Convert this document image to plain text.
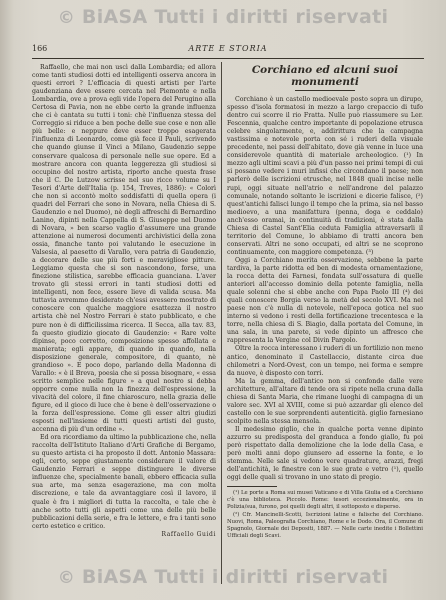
© BiASA Tutti i diritti riservati
166	ARTE E STORIA

Raffaello, che mai non uscì dalla Lombardia; ed allora come tanti studiosi dotti ed intelligenti osserva ancora in questi errori ? L'efficacia di questi artisti per l'arte gaudenziana deve essere cercata nel Piemonte e nella Lombardia, ove a prova egli vide l'opera del Perugino alla Certosa di Pavia, non ne ebbe certo la grande influenza che ci è cantata su tutti i toni: chè l'influenza stessa del Correggio si riduce a ben poche delle sue cose e non alle più belle: e neppure deve esser troppo esagerata l'influenza di Leonardo, come già fece il Pauli, scrivendo che quando giunse il Vinci a Milano, Gaudenzio seppe conservare qualcosa di personale nelle sue opere. Ed a mostrare ancora con quanta leggerezza gli studiosi si occupino del nostro artista, riporto anche questa frase che il C. De Lutzow scrisse nel suo ricco volume su I Tesori d'Arte dell'Italia (p. 154, Treves, 1886): « Colorì che non si accontò molto soddisfatti di quella opera (i quadri del Ferrari che sono in Novara, nella Chiesa di S. Gaudenzio e nel Duomo), nè degli affreschi di Bernardino Lanino, dipinti nella Cappella di S. Giuseppe nel Duomo di Novara, » ben scarso vaglio d'assumere una grande attenzione ai numerosi documenti archivistici della zona ossia, finanche tanto poi valutando le esecuzione in Valsesia, al paesetto di Varallo, vera patria di Gaudenzio, a decorare delle sue più forti e meravigliose pitture. Leggiamo questa che si son nascondono, forse, una finezione stilistica, sarebbe efficacia guanciana. L'aver trovato gli stessi errori in tanti studiosi dotti ed intelligenti, non fece, essere lieve di valida scusa. Ma tuttavia avremmo desiderato ch'essi avessero mostrato di conoscere con qualche maggiore esattezza il nostro artista chè nel Nostro Ferrari è stato pubblicato, e che pure non è di difficilissima ricerca. Il Secca, alla tav. 83, fa questo giudizio giocato di Gaudenzio: « Rare volte dipinse, poco corretto, composizione spesso affollata e manierata; egli appare, di quando in quando, nella disposizione generale, compositore, di quanto, nè grandioso ». E poco dopo, parlando della Madonna di Varallo: « è il Breva, poesia che si possa bisognare, « essa scritto semplice nelle figure » a quel nostro si debba opporre come nulla non la finezza dell'espressione, la vivacità del colore, il fine chiaroscuro, nella grazia delle figure, ed il gioco di luce che è bene è dell'osservazione o la forza dell'espressione. Come gli esser altri giudizi esposti nell'insieme di tutti questi artisti del gusto, accenna di più d'un ordine ».

Ed ora ricordiamo da ultimo la pubblicazione che, nella raccolta dell'Istituto Italiano d'Arti Grafiche di Bergamo, su questo artista ci ha proposto il dott. Antonio Massara: egli, certo, seppe giustamente considerare il valore di Gaudenzio Ferrari e seppe distinguere le diverse influenze che, specialmente banali, ebbero efficacia sulla sua arte, ma senza esagerazione, ma con molta discrezione, e tale da avvantaggiare così il lavoro, il quale è fra i migliori di tutta la raccolta, e tale che è anche sotto tutti gli aspetti come una delle più belle pubblicazioni della serie, e fra le lettere, e fra i tanti sono certo estetico e critico.

Raffaello Guidi

Corchiano ed alcuni suoi monumenti

Corchiano è un castello medioevale posto sopra un dirupo, spesso d'isola formatosi in mezzo a largo crepaccio di tufo dentro cui scorre il rio Fratta. Nulle può riassumere su Ler. Fescennia, qualche centro importante di popolazione etrusca celebre singolarmente, e, addirittura che la campagna vastissima e notevole porta con sé i ruderi della visuale precedente, nei passi dell'abitato, dove già venne in luce una considerevole quantità di materiale archeologico. (¹) In mezzo agli ultimi scavi a più d'un passo nei primi tempi di cui si possano vedere i muri infissi che circondano il paese; non parlerò delle iscrizioni etrusche, nel 1848 quali incise nelle rupi, oggi situate nell'atrio e nell'androne del palazzo comunale, notando soltanto le iscrizioni e dicerie falisce, (²) quest'antichi falisci lungo il tempo che la prima, sia nel basso medioevo, a una manifattura (penna, doga e ceddalo) anch'esso oramai, in continuità di tradizioni, è stata dalla Chiesa di Castel Sant'Elia ceduta Famiglia attraversarli il territorio del Comune, lo abbiamo di tratti ancora ben conservati. Altri ne sono occupati, ed altri se ne scoprono continuamente, con maggiore competenza. (³)

Oggi a Corchiano merita osservazione, sebbene la parte tardiva, la parte ridotta ed ben di modesta ornamentazione, la rocca detta dei Farnesi, fondata sull'ossatura di quelle anteriori all'accesso dominio della potente famiglia, nella quale solenni che si ebbe anche con Papa Paolo III (⁴) dei quali conoscere Borgia verso la metà del secolo XVI. Ma nel paese non c'è nulla di notevole, nell'epoca gotica nel suo interno si vedono i resti della fortificazione trecentesca e la torre, nella chiesa di S. Biagio, dalla portata del Comune, in una sala, in una parete, si vede dipinto un affresco che rappresenta la Vergine col Divin Pargolo.

Oltre la rocca interessano i ruderi di un fortilizio non meno antico, denominato il Castellaccio, distante circa due chilometri a Nord-Ovest, con un tempo, nei forma e sempre da nuove, è disposto con torri.

Ma la gemma, dell'antico non si confonde dalle vere architetture, all'altare di tende ora si ripete nella cruna dalla chiesa di Santa Maria, che rimane luoghi di campagna di un valore sec. XVI al XVIII, come si può azzardar gli elenco del castello con le sue sorprendenti autenticità. giglio farnesiano scolpito nella stessa mensola.

Il medesimo giglio, che in qualche porta venne dipinto azzurro su predisposta del granduca a fondo giallo, fu poi però rispettato dalla demolizione che la lode della Casa, e però molti anni dopo giunsero ad esserne la fonte, e lo stemma. Nelle sale si vedono vere quadrature, arazzi, fregi dell'antichità, le finestre con le sue grate e vetro (¹), quello oggi delle quali si trovano in uno stato di pregio.

(¹) Le porte a Roma sui musei Vaticano e di Villa Giulia ed a Corchiano c'è una biblioteca. Piccolo. Rome: tesori eccezionalmente, ora in Polizia/sua, furono, poi quelli degli altri, il sottoposto e disperso.

(²) Cfr. Mancinelli-Scotti, Iscrizioni latine e falische del Corchiano. Nuovi, Roma, Paleografia Corchiano, Rome e le Dodo. Ora, il Comune di Spagnolo, Giornale dei Depositi, 1887. — Nelle carte inedite i Bollettini Ufficiali degli Scavi.

© BiASA Tutti i diritti riservati
